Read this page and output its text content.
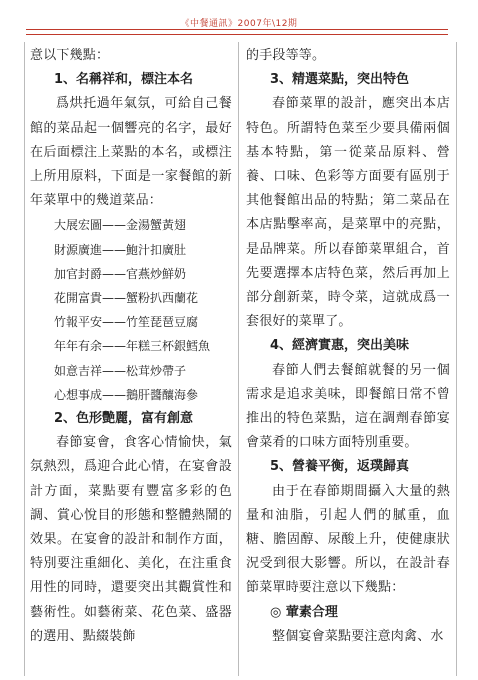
《中餐通訊》2007年\12期

意以下幾點：

1、名稱祥和，標注本名

爲烘托過年氣氛，可給自己餐館的菜品起一個響亮的名字，最好在后面標注上菜點的本名，或標注上所用原料，下面是一家餐館的新年菜單中的幾道菜品：

大展宏圖——金湯蟹黃翅

財源廣進——鮑汁扣廣肚

加官封爵——官燕炒鮮奶

花開富貴——蟹粉扒西蘭花

竹報平安——竹笙琵琶豆腐

年年有余——年糕三杯銀鱈魚

如意吉祥——松茸炒帶子

心想事成——鵝肝醬釀海參

2、色形艷麗，富有創意

春節宴會，食客心情愉快，氣氛熱烈，爲迎合此心情，在宴會設計方面，菜點要有豐富多彩的色調、賞心悅目的形態和整體熱鬧的效果。在宴會的設計和制作方面，特別要注重細化、美化，在注重食用性的同時，還要突出其觀賞性和藝術性。如藝術菜、花色菜、盛器的選用、點綴裝飾

的手段等等。

3、精選菜點，突出特色

春節菜單的設計，應突出本店特色。所謂特色菜至少要具備兩個基本特點，第一從菜品原料、營養、口味、色彩等方面要有區別于其他餐館出品的特點；第二菜品在本店點擊率高，是菜單中的亮點，是品牌菜。所以春節菜單組合，首先要選擇本店特色菜，然后再加上部分創新菜，時令菜，這就成爲一套很好的菜單了。

4、經濟實惠，突出美味

春節人們去餐館就餐的另一個需求是追求美味，即餐館日常不曾推出的特色菜點，這在調劑春節宴會菜肴的口味方面特別重要。

5、營養平衡，返璞歸真

由于在春節期間攝入大量的熱量和油脂，引起人們的膩重，血糖、膽固醇、尿酸上升，使健康狀況受到很大影響。所以，在設計春節菜單時要注意以下幾點：

◎ 葷素合理

整個宴會菜點要注意肉禽、水
